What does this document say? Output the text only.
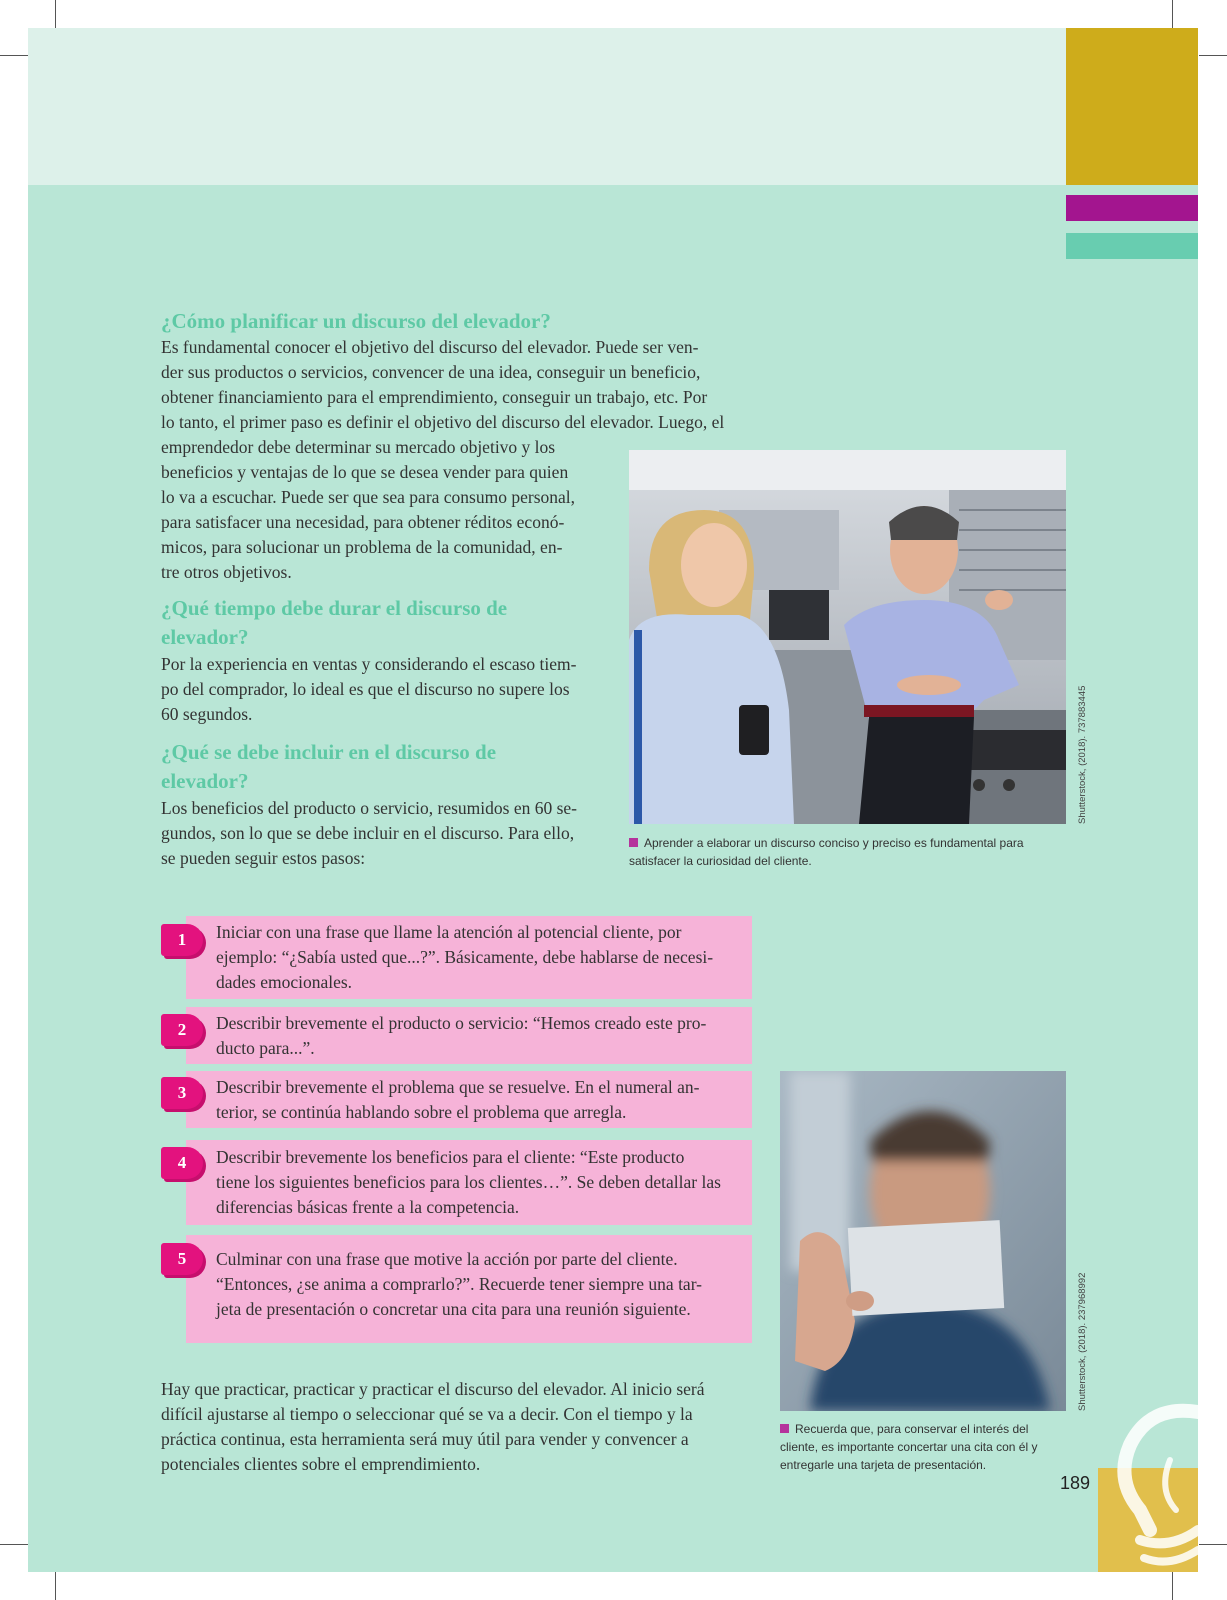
¿Cómo planificar un discurso del elevador?
Es fundamental conocer el objetivo del discurso del elevador. Puede ser ven-
der sus productos o servicios, convencer de una idea, conseguir un beneficio,
obtener financiamiento para el emprendimiento, conseguir un trabajo, etc. Por
lo tanto, el primer paso es definir el objetivo del discurso del elevador. Luego, el
emprendedor debe determinar su mercado objetivo y los
beneficios y ventajas de lo que se desea vender para quien
lo va a escuchar. Puede ser que sea para consumo personal,
para satisfacer una necesidad, para obtener réditos econó-
micos, para solucionar un problema de la comunidad, en-
tre otros objetivos.
¿Qué tiempo debe durar el discurso de
elevador?
Por la experiencia en ventas y considerando el escaso tiem-
po del comprador, lo ideal es que el discurso no supere los
60 segundos.
¿Qué se debe incluir en el discurso de
elevador?
Los beneficios del producto o servicio, resumidos en 60 se-
gundos, son lo que se debe incluir en el discurso. Para ello,
se pueden seguir estos pasos:
Shutterstock, (2018). 737883445
Aprender a elaborar un discurso conciso y preciso es fundamental para
satisfacer la curiosidad del cliente.
Iniciar con una frase que llame la atención al potencial cliente, por
ejemplo: “¿Sabía usted que...?”. Básicamente, debe hablarse de necesi-
dades emocionales.
1
Describir brevemente el producto o servicio: “Hemos creado este pro-
ducto para...”.
2
Describir brevemente el problema que se resuelve. En el numeral an-
terior, se continúa hablando sobre el problema que arregla.
3
Describir brevemente los beneficios para el cliente: “Este producto
tiene los siguientes beneficios para los clientes…”. Se deben detallar las
diferencias básicas frente a la competencia.
4
Culminar con una frase que motive la acción por parte del cliente.
“Entonces, ¿se anima a comprarlo?”. Recuerde tener siempre una tar-
jeta de presentación o concretar una cita para una reunión siguiente.
5
Shutterstock, (2018). 237968992
Recuerda que, para conservar el interés del
cliente, es importante concertar una cita con él y
entregarle una tarjeta de presentación.
Hay que practicar, practicar y practicar el discurso del elevador. Al inicio será
difícil ajustarse al tiempo o seleccionar qué se va a decir. Con el tiempo y la
práctica continua, esta herramienta será muy útil para vender y convencer a
potenciales clientes sobre el emprendimiento.
189
